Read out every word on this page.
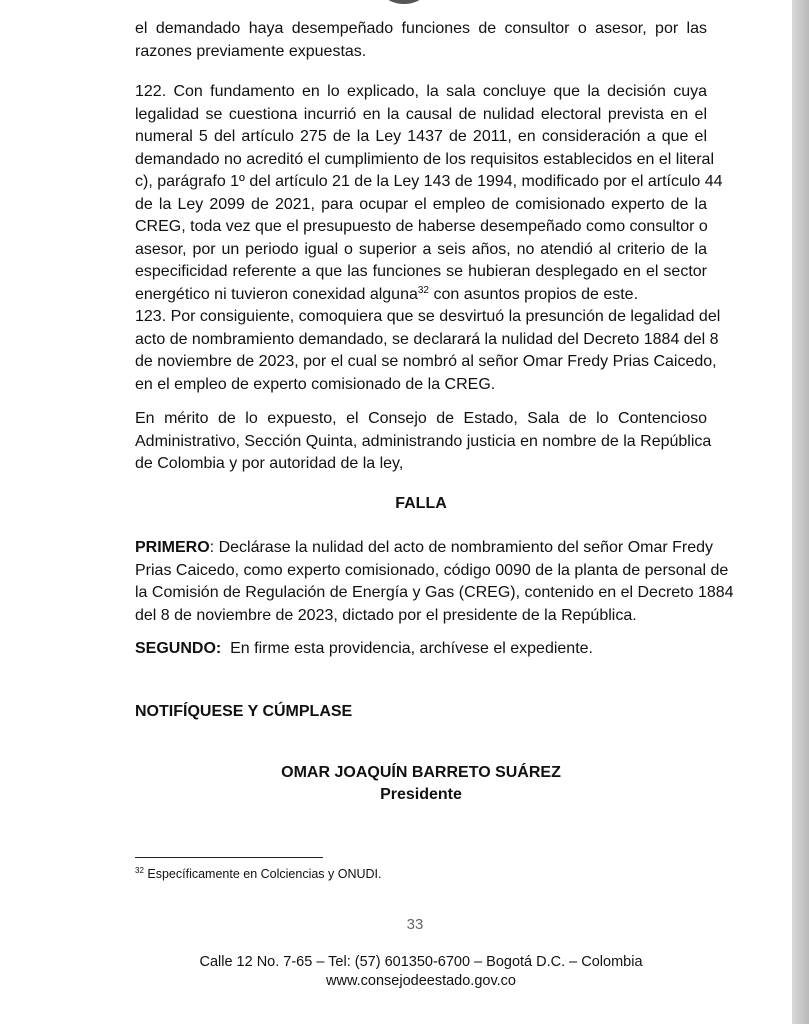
el demandado haya desempeñado funciones de consultor o asesor, por las
razones previamente expuestas.
122. Con fundamento en lo explicado, la sala concluye que la decisión cuya
legalidad se cuestiona incurrió en la causal de nulidad electoral prevista en el
numeral 5 del artículo 275 de la Ley 1437 de 2011, en consideración a que el
demandado no acreditó el cumplimiento de los requisitos establecidos en el literal
c), parágrafo 1º del artículo 21 de la Ley 143 de 1994, modificado por el artículo 44
de la Ley 2099 de 2021, para ocupar el empleo de comisionado experto de la
CREG, toda vez que el presupuesto de haberse desempeñado como consultor o
asesor, por un periodo igual o superior a seis años, no atendió al criterio de la
especificidad referente a que las funciones se hubieran desplegado en el sector
energético ni tuvieron conexidad alguna$^{32}$ con asuntos propios de este.
123. Por consiguiente, comoquiera que se desvirtuó la presunción de legalidad del
acto de nombramiento demandado, se declarará la nulidad del Decreto 1884 del 8
de noviembre de 2023, por el cual se nombró al señor Omar Fredy Prias Caicedo,
en el empleo de experto comisionado de la CREG.
En mérito de lo expuesto, el Consejo de Estado, Sala de lo Contencioso
Administrativo, Sección Quinta, administrando justicia en nombre de la República
de Colombia y por autoridad de la ley,
FALLA
PRIMERO: Declárase la nulidad del acto de nombramiento del señor Omar Fredy
Prias Caicedo, como experto comisionado, código 0090 de la planta de personal de
la Comisión de Regulación de Energía y Gas (CREG), contenido en el Decreto 1884
del 8 de noviembre de 2023, dictado por el presidente de la República.
SEGUNDO:  En firme esta providencia, archívese el expediente.
NOTIFÍQUESE Y CÚMPLASE
OMAR JOAQUÍN BARRETO SUÁREZ
Presidente
$^{32}$ Específicamente en Colciencias y ONUDI.
33
Calle 12 No. 7-65 – Tel: (57) 601350-6700 – Bogotá D.C. – Colombia
www.consejodeestado.gov.co
